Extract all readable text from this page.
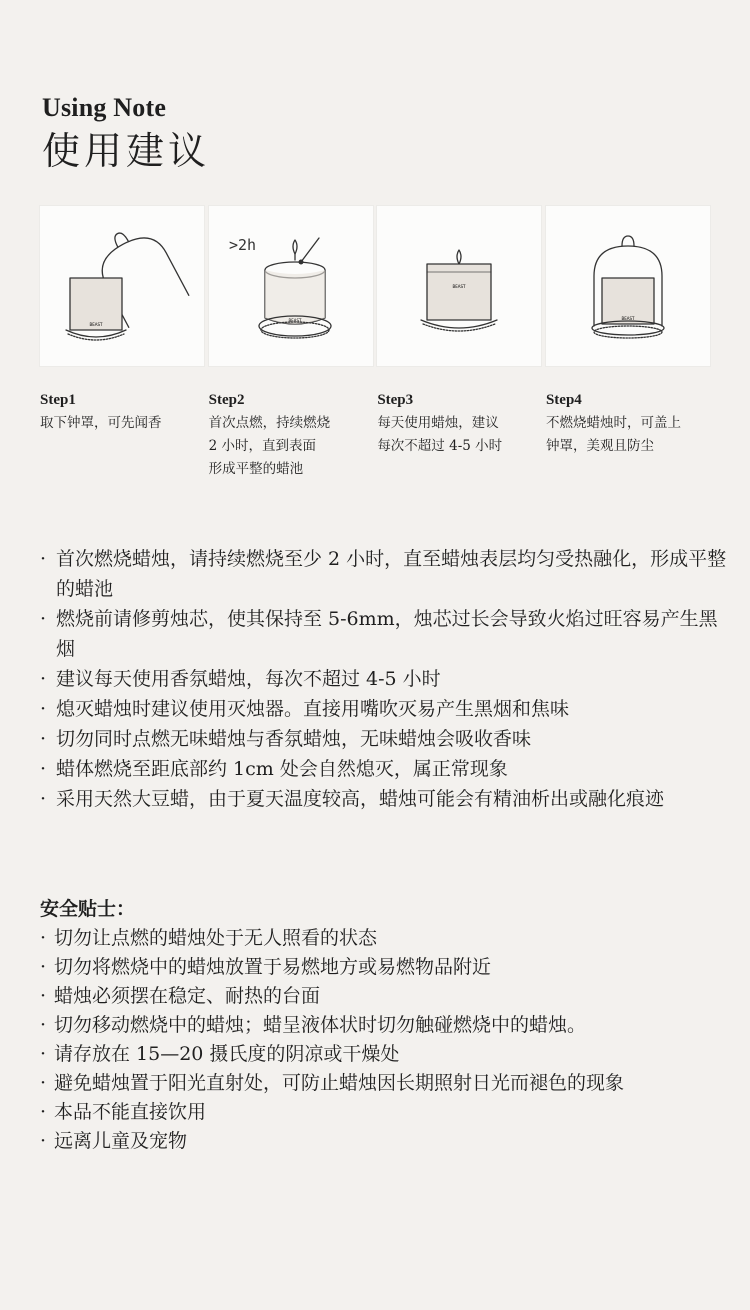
Using Note
使用建议
BEAST

Step1

取下钟罩，可先闻香

>2h
BEAST

Step2

首次点燃，持续燃烧
2 小时，直到表面
形成平整的蜡池

BEAST

Step3

每天使用蜡烛，建议
每次不超过 4-5 小时

BEAST

Step4

不燃烧蜡烛时，可盖上
钟罩，美观且防尘

· 首次燃烧蜡烛，请持续燃烧至少 2 小时，直至蜡烛表层均匀受热融化，形成平整的蜡池
· 燃烧前请修剪烛芯，使其保持至 5-6mm，烛芯过长会导致火焰过旺容易产生黑烟
· 建议每天使用香氛蜡烛，每次不超过 4-5 小时
· 熄灭蜡烛时建议使用灭烛器。直接用嘴吹灭易产生黑烟和焦味
· 切勿同时点燃无味蜡烛与香氛蜡烛，无味蜡烛会吸收香味
· 蜡体燃烧至距底部约 1cm 处会自然熄灭，属正常现象
· 采用天然大豆蜡，由于夏天温度较高，蜡烛可能会有精油析出或融化痕迹

安全贴士：

· 切勿让点燃的蜡烛处于无人照看的状态
· 切勿将燃烧中的蜡烛放置于易燃地方或易燃物品附近
· 蜡烛必须摆在稳定、耐热的台面
· 切勿移动燃烧中的蜡烛；蜡呈液体状时切勿触碰燃烧中的蜡烛。
· 请存放在 15—20 摄氏度的阴凉或干燥处
· 避免蜡烛置于阳光直射处，可防止蜡烛因长期照射日光而褪色的现象
· 本品不能直接饮用
· 远离儿童及宠物
